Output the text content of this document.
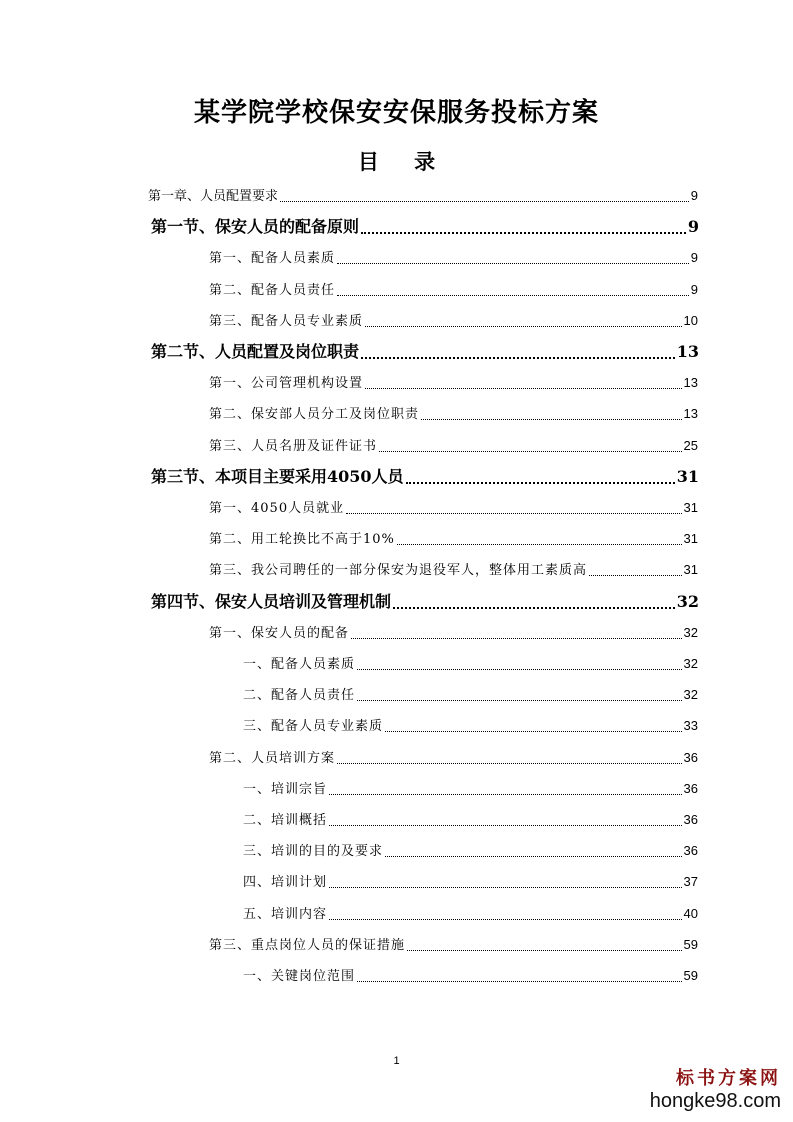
某学院学校保安安保服务投标方案
目 录
第一章、人员配置要求	9
第一节、保安人员的配备原则	9
第一、配备人员素质	9
第二、配备人员责任	9
第三、配备人员专业素质	10
第二节、人员配置及岗位职责	13
第一、公司管理机构设置	13
第二、保安部人员分工及岗位职责	13
第三、人员名册及证件证书	25
第三节、本项目主要采用4050人员	31
第一、4050人员就业	31
第二、用工轮换比不高于10%	31
第三、我公司聘任的一部分保安为退役军人，整体用工素质高	31
第四节、保安人员培训及管理机制	32
第一、保安人员的配备	32
一、配备人员素质	32
二、配备人员责任	32
三、配备人员专业素质	33
第二、人员培训方案	36
一、培训宗旨	36
二、培训概括	36
三、培训的目的及要求	36
四、培训计划	37
五、培训内容	40
第三、重点岗位人员的保证措施	59
一、关键岗位范围	59
1
标书方案网
hongke98.com
